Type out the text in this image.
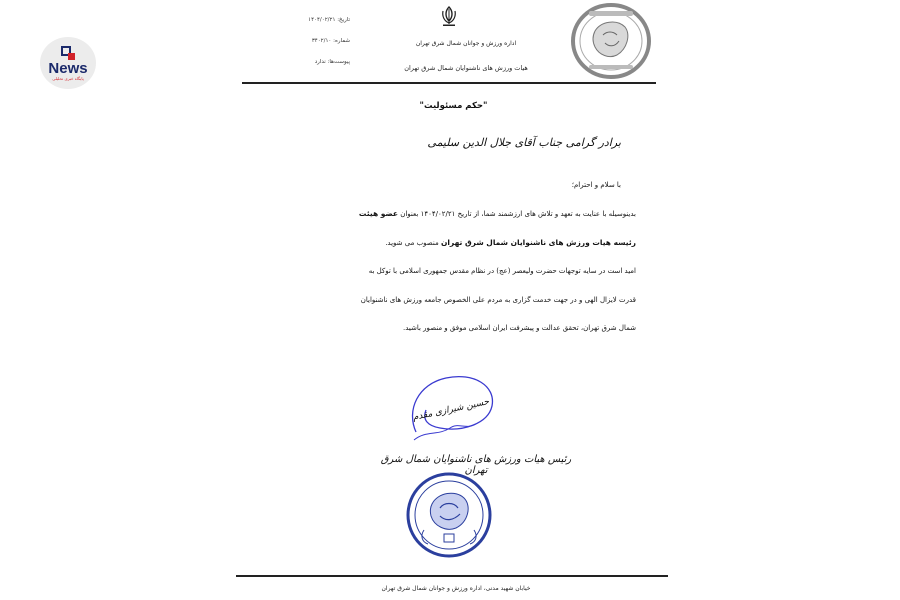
News
پایگاه خبری تحلیلی
تاریخ: ۱۴۰۴/۰۲/۲۱
شماره: ۳۴۰۲/۱۰
پیوست‌ها: ندارد
اداره ورزش و جوانان شمال شرق تهران
هیات ورزش های ناشنوایان شمال شرق تهران
"حکم مسئولیت"
برادر گرامی جناب آقای جلال الدین سلیمی
با سلام و احترام؛
بدینوسیله با عنایت به تعهد و تلاش های ارزشمند شما، از تاریخ ۱۴۰۴/۰۲/۲۱ بعنوان عضو هیئت
رئیسه هیات ورزش های ناشنوایان شمال شرق تهران منصوب می شوید.
امید است در سایه توجهات حضرت ولیعصر (عج) در نظام مقدس جمهوری اسلامی با توکل به
قدرت لایزال الهی و در جهت خدمت گزاری به مردم علی الخصوص جامعه ورزش های ناشنوایان
شمال شرق تهران، تحقق عدالت و پیشرفت ایران اسلامی موفق و منصور باشید.
حسین شیرازی مقدم
رئیس هیات ورزش های ناشنوایان شمال شرق تهران
خیابان شهید مدنی، اداره ورزش و جوانان شمال شرق تهران
